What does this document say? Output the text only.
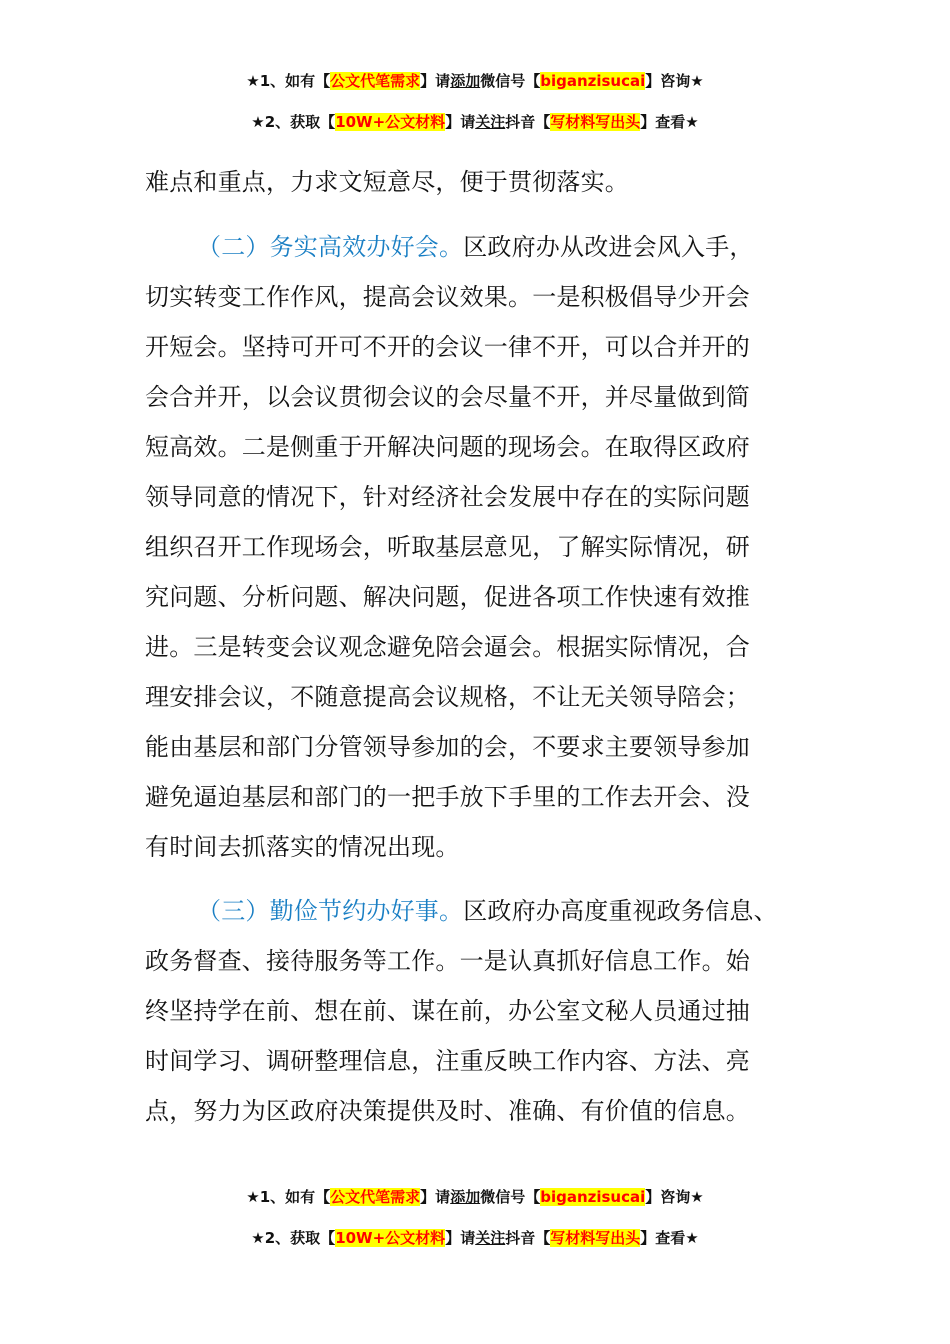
★1、如有【公文代笔需求】请添加微信号【biganzisucai】咨询★
★2、获取【10W+公文材料】请关注抖音【写材料写出头】查看★
难点和重点，力求文短意尽，便于贯彻落实。
（二）务实高效办好会。区政府办从改进会风入手，
切实转变工作作风，提高会议效果。一是积极倡导少开会
开短会。坚持可开可不开的会议一律不开，可以合并开的
会合并开，以会议贯彻会议的会尽量不开，并尽量做到简
短高效。二是侧重于开解决问题的现场会。在取得区政府
领导同意的情况下，针对经济社会发展中存在的实际问题
组织召开工作现场会，听取基层意见，了解实际情况，研
究问题、分析问题、解决问题，促进各项工作快速有效推
进。三是转变会议观念避免陪会逼会。根据实际情况，合
理安排会议，不随意提高会议规格，不让无关领导陪会；
能由基层和部门分管领导参加的会，不要求主要领导参加
避免逼迫基层和部门的一把手放下手里的工作去开会、没
有时间去抓落实的情况出现。
（三）勤俭节约办好事。区政府办高度重视政务信息、
政务督查、接待服务等工作。一是认真抓好信息工作。始
终坚持学在前、想在前、谋在前，办公室文秘人员通过抽
时间学习、调研整理信息，注重反映工作内容、方法、亮
点，努力为区政府决策提供及时、准确、有价值的信息。
★1、如有【公文代笔需求】请添加微信号【biganzisucai】咨询★
★2、获取【10W+公文材料】请关注抖音【写材料写出头】查看★
